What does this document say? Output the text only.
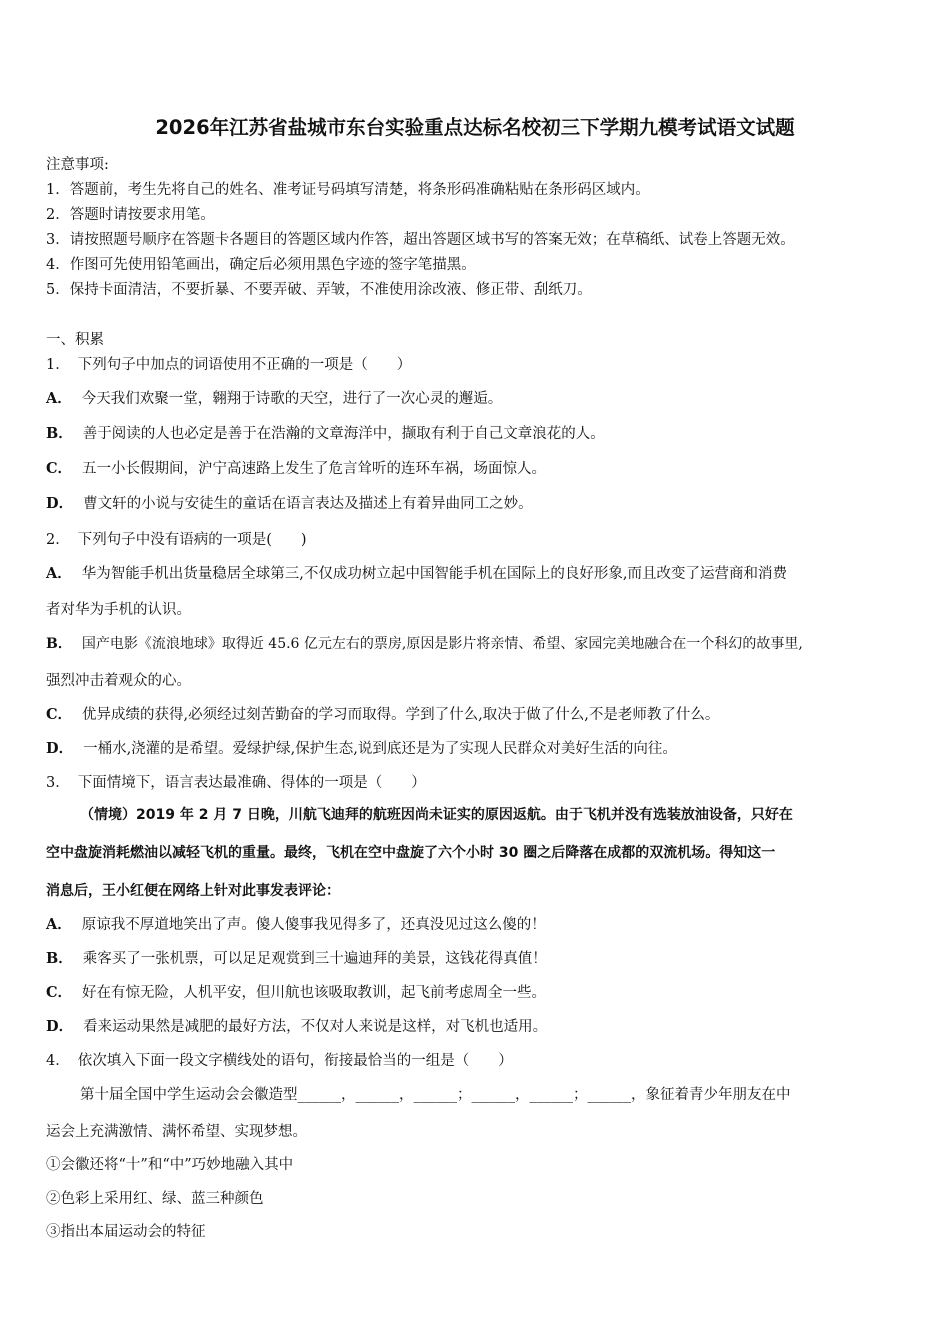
2026年江苏省盐城市东台实验重点达标名校初三下学期九模考试语文试题
注意事项:
1．答题前，考生先将自己的姓名、准考证号码填写清楚，将条形码准确粘贴在条形码区域内。
2．答题时请按要求用笔。
3．请按照题号顺序在答题卡各题目的答题区域内作答，超出答题区域书写的答案无效；在草稿纸、试卷上答题无效。
4．作图可先使用铅笔画出，确定后必须用黑色字迹的签字笔描黑。
5．保持卡面清洁，不要折暴、不要弄破、弄皱，不准使用涂改液、修正带、刮纸刀。
一、积累
1． 下列句子中加点的词语使用不正确的一项是（　　）
A． 今天我们欢聚一堂，翱翔于诗歌的天空，进行了一次心灵的邂逅。
B． 善于阅读的人也必定是善于在浩瀚的文章海洋中，撷取有利于自己文章浪花的人。
C． 五一小长假期间，沪宁高速路上发生了危言耸听的连环车祸，场面惊人。
D． 曹文轩的小说与安徒生的童话在语言表达及描述上有着异曲同工之妙。
2． 下列句子中没有语病的一项是(　　)
A． 华为智能手机出货量稳居全球第三,不仅成功树立起中国智能手机在国际上的良好形象,而且改变了运营商和消费
者对华为手机的认识。
B． 国产电影《流浪地球》取得近 45.6 亿元左右的票房,原因是影片将亲情、希望、家园完美地融合在一个科幻的故事里,
强烈冲击着观众的心。
C． 优异成绩的获得,必须经过刻苦勤奋的学习而取得。学到了什么,取决于做了什么,不是老师教了什么。
D． 一桶水,浇灌的是希望。爱绿护绿,保护生态,说到底还是为了实现人民群众对美好生活的向往。
3． 下面情境下，语言表达最准确、得体的一项是（　　）
（情境）2019 年 2 月 7 日晚，川航飞迪拜的航班因尚未证实的原因返航。由于飞机并没有选装放油设备，只好在
空中盘旋消耗燃油以减轻飞机的重量。最终，飞机在空中盘旋了六个小时 30 圈之后降落在成都的双流机场。得知这一
消息后，王小红便在网络上针对此事发表评论：
A． 原谅我不厚道地笑出了声。傻人傻事我见得多了，还真没见过这么傻的！
B． 乘客买了一张机票，可以足足观赏到三十遍迪拜的美景，这钱花得真值！
C． 好在有惊无险，人机平安，但川航也该吸取教训，起飞前考虑周全一些。
D． 看来运动果然是减肥的最好方法，不仅对人来说是这样，对飞机也适用。
4． 依次填入下面一段文字横线处的语句，衔接最恰当的一组是（　　）
第十届全国中学生运动会会徽造型______，______，______；______，______；______，象征着青少年朋友在中
运会上充满激情、满怀希望、实现梦想。
①会徽还将“十”和“中”巧妙地融入其中
②色彩上采用红、绿、蓝三种颜色
③指出本届运动会的特征
